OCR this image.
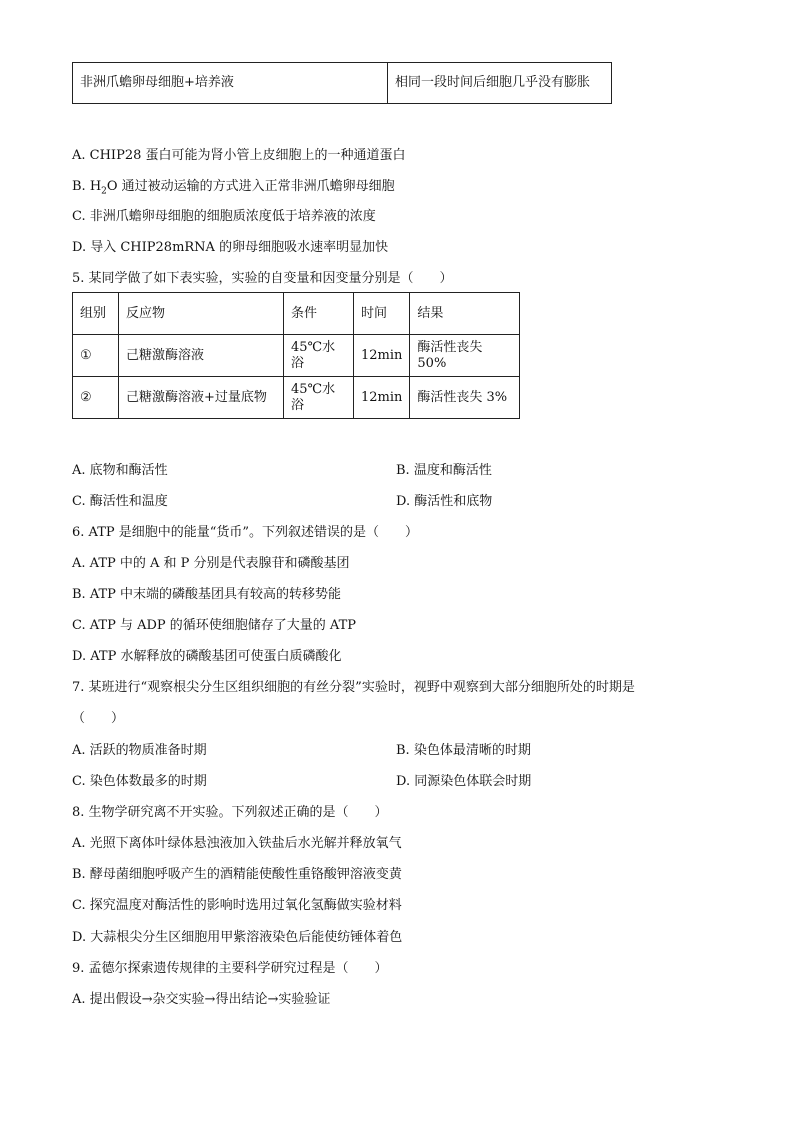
非洲爪蟾卵母细胞+培养液	相同一段时间后细胞几乎没有膨胀
A. CHIP28 蛋白可能为肾小管上皮细胞上的一种通道蛋白
B. $H_2O$ 通过被动运输的方式进入正常非洲爪蟾卵母细胞
C. 非洲爪蟾卵母细胞的细胞质浓度低于培养液的浓度
D. 导入 CHIP28mRNA 的卵母细胞吸水速率明显加快
5. 某同学做了如下表实验，实验的自变量和因变量分别是（　　）
组别	反应物	条件	时间	结果
①	己糖激酶溶液	45℃水浴	12min	酶活性丧失 50%
②	己糖激酶溶液+过量底物	45℃水浴	12min	酶活性丧失 3%
A. 底物和酶活性	B. 温度和酶活性
C. 酶活性和温度	D. 酶活性和底物
6. ATP 是细胞中的能量“货币”。下列叙述错误的是（　　）
A. ATP 中的 A 和 P 分别是代表腺苷和磷酸基团
B. ATP 中末端的磷酸基团具有较高的转移势能
C. ATP 与 ADP 的循环使细胞储存了大量的 ATP
D. ATP 水解释放的磷酸基团可使蛋白质磷酸化
7. 某班进行“观察根尖分生区组织细胞的有丝分裂”实验时，视野中观察到大部分细胞所处的时期是
（　　）
A. 活跃的物质准备时期	B. 染色体最清晰的时期
C. 染色体数最多的时期	D. 同源染色体联会时期
8. 生物学研究离不开实验。下列叙述正确的是（　　）
A. 光照下离体叶绿体悬浊液加入铁盐后水光解并释放氧气
B. 酵母菌细胞呼吸产生的酒精能使酸性重铬酸钾溶液变黄
C. 探究温度对酶活性的影响时选用过氧化氢酶做实验材料
D. 大蒜根尖分生区细胞用甲紫溶液染色后能使纺锤体着色
9. 孟德尔探索遗传规律的主要科学研究过程是（　　）
A. 提出假设→杂交实验→得出结论→实验验证
